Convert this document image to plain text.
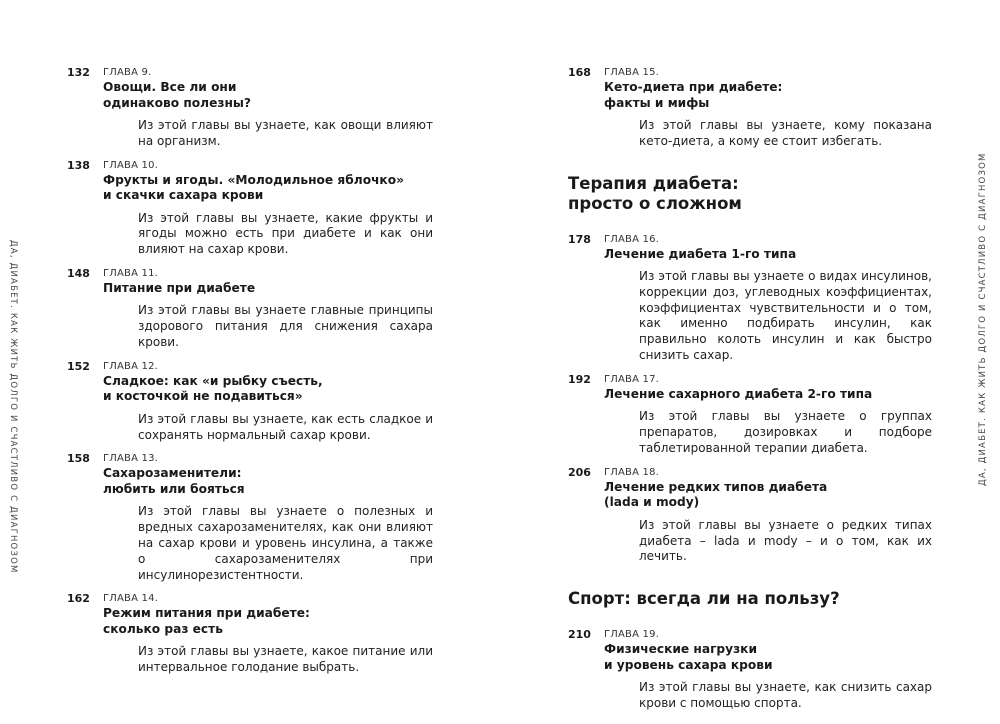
ДА, ДИАБЕТ. КАК ЖИТЬ ДОЛГО И СЧАСТЛИВО С ДИАГНОЗОМ	ДА, ДИАБЕТ. КАК ЖИТЬ ДОЛГО И СЧАСТЛИВО С ДИАГНОЗОМ
132 ГЛАВА 9.
Овощи. Все ли они
одинаково полезны?
Из этой главы вы узнаете, как овощи влияют на организм.
138 ГЛАВА 10.
Фрукты и ягоды. «Молодильное яблочко»
и скачки сахара крови
Из этой главы вы узнаете, какие фрукты и ягоды можно есть при диабете и как они влияют на сахар крови.
148 ГЛАВА 11.
Питание при диабете
Из этой главы вы узнаете главные принципы здорового питания для снижения сахара крови.
152 ГЛАВА 12.
Сладкое: как «и рыбку съесть,
и косточкой не подавиться»
Из этой главы вы узнаете, как есть сладкое и сохранять нормальный сахар крови.
158 ГЛАВА 13.
Сахарозаменители:
любить или бояться
Из этой главы вы узнаете о полезных и вредных сахарозаменителях, как они влияют на сахар крови и уровень инсулина, а также о сахарозаменителях при инсулинорезистентности.
162 ГЛАВА 14.
Режим питания при диабете:
сколько раз есть
Из этой главы вы узнаете, какое питание или интервальное голодание выбрать.
168 ГЛАВА 15.
Кето-диета при диабете:
факты и мифы
Из этой главы вы узнаете, кому показана кето-диета, а кому ее стоит избегать.
Терапия диабета:
просто о сложном
178 ГЛАВА 16.
Лечение диабета 1-го типа
Из этой главы вы узнаете о видах инсулинов, коррекции доз, углеводных коэффициентах, коэффициентах чувствительности и о том, как именно подбирать инсулин, как правильно колоть инсулин и как быстро снизить сахар.
192 ГЛАВА 17.
Лечение сахарного диабета 2-го типа
Из этой главы вы узнаете о группах препаратов, дозировках и подборе таблетированной терапии диабета.
206 ГЛАВА 18.
Лечение редких типов диабета
(lada и mody)
Из этой главы вы узнаете о редких типах диабета – lada и mody – и о том, как их лечить.
Спорт: всегда ли на пользу?
210 ГЛАВА 19.
Физические нагрузки
и уровень сахара крови
Из этой главы вы узнаете, как снизить сахар крови с помощью спорта.
